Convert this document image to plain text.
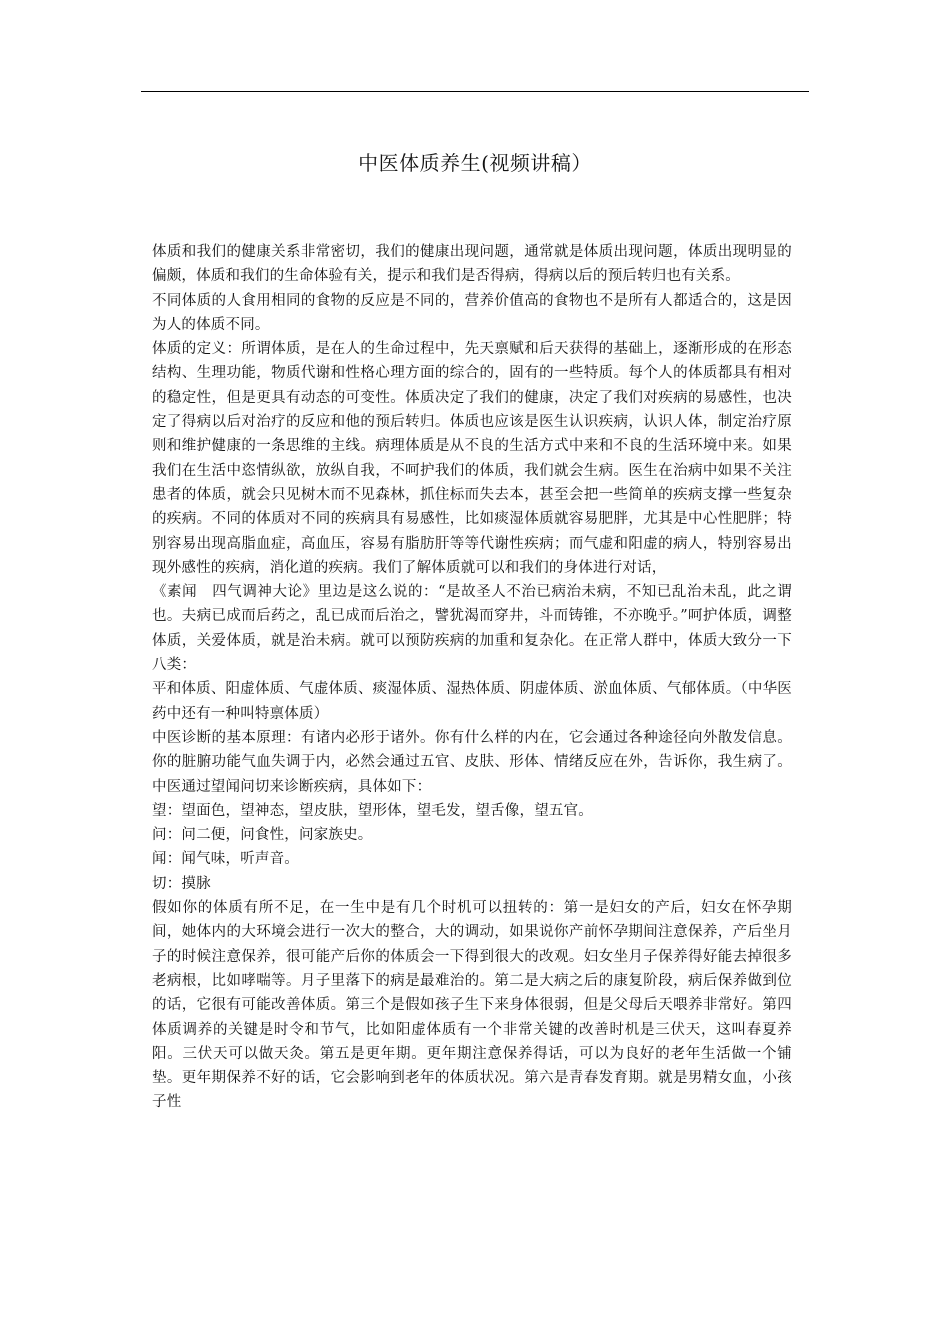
中医体质养生(视频讲稿）

体质和我们的健康关系非常密切，我们的健康出现问题，通常就是体质出现问题，体质出现明显的偏颇，体质和我们的生命体验有关，提示和我们是否得病，得病以后的预后转归也有关系。

不同体质的人食用相同的食物的反应是不同的，营养价值高的食物也不是所有人都适合的，这是因为人的体质不同。

体质的定义：所谓体质，是在人的生命过程中，先天禀赋和后天获得的基础上，逐渐形成的在形态结构、生理功能，物质代谢和性格心理方面的综合的，固有的一些特质。每个人的体质都具有相对的稳定性，但是更具有动态的可变性。体质决定了我们的健康，决定了我们对疾病的易感性，也决定了得病以后对治疗的反应和他的预后转归。体质也应该是医生认识疾病，认识人体，制定治疗原则和维护健康的一条思维的主线。病理体质是从不良的生活方式中来和不良的生活环境中来。如果我们在生活中恣情纵欲，放纵自我，不呵护我们的体质，我们就会生病。医生在治病中如果不关注患者的体质，就会只见树木而不见森林，抓住标而失去本，甚至会把一些简单的疾病支撑一些复杂的疾病。不同的体质对不同的疾病具有易感性，比如痰湿体质就容易肥胖，尤其是中心性肥胖；特别容易出现高脂血症，高血压，容易有脂肪肝等等代谢性疾病；而气虚和阳虚的病人，特别容易出现外感性的疾病，消化道的疾病。我们了解体质就可以和我们的身体进行对话，

《素闻　四气调神大论》里边是这么说的：“是故圣人不治已病治未病，不知已乱治未乱，此之谓也。夫病已成而后药之，乱已成而后治之，譬犹渴而穿井，斗而铸锥，不亦晚乎。”呵护体质，调整体质，关爱体质，就是治未病。就可以预防疾病的加重和复杂化。在正常人群中，体质大致分一下八类：

平和体质、阳虚体质、气虚体质、痰湿体质、湿热体质、阴虚体质、淤血体质、气郁体质。（中华医药中还有一种叫特禀体质）

中医诊断的基本原理：有诸内必形于诸外。你有什么样的内在，它会通过各种途径向外散发信息。你的脏腑功能气血失调于内，必然会通过五官、皮肤、形体、情绪反应在外，告诉你，我生病了。中医通过望闻问切来诊断疾病，具体如下：

望：望面色，望神态，望皮肤，望形体，望毛发，望舌像，望五官。

问：问二便，问食性，问家族史。

闻：闻气味，听声音。

切：摸脉

假如你的体质有所不足，在一生中是有几个时机可以扭转的：第一是妇女的产后，妇女在怀孕期间，她体内的大环境会进行一次大的整合，大的调动，如果说你产前怀孕期间注意保养，产后坐月子的时候注意保养，很可能产后你的体质会一下得到很大的改观。妇女坐月子保养得好能去掉很多老病根，比如哮喘等。月子里落下的病是最难治的。第二是大病之后的康复阶段，病后保养做到位的话，它很有可能改善体质。第三个是假如孩子生下来身体很弱，但是父母后天喂养非常好。第四体质调养的关键是时令和节气，比如阳虚体质有一个非常关键的改善时机是三伏天，这叫春夏养阳。三伏天可以做天灸。第五是更年期。更年期注意保养得话，可以为良好的老年生活做一个铺垫。更年期保养不好的话，它会影响到老年的体质状况。第六是青春发育期。就是男精女血，小孩子性
